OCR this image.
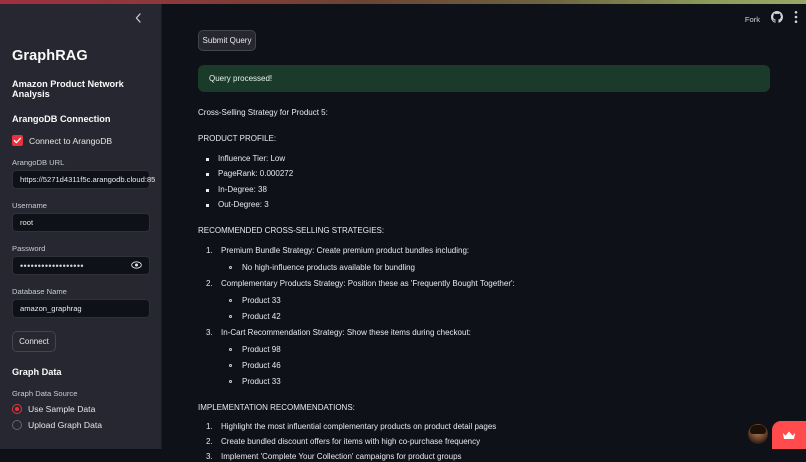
GraphRAG
Amazon Product Network Analysis
ArangoDB Connection
Connect to ArangoDB
ArangoDB URL
https://5271d4311f5c.arangodb.cloud:85
Username
root
Password
••••••••••••••••••
Database Name
amazon_graphrag
Connect
Graph Data
Graph Data Source
Use Sample Data
Upload Graph Data
Fork
Submit Query
Query processed!
Cross-Selling Strategy for Product 5:
PRODUCT PROFILE:
Influence Tier: Low
PageRank: 0.000272
In-Degree: 38
Out-Degree: 3
RECOMMENDED CROSS-SELLING STRATEGIES:
Premium Bundle Strategy: Create premium product bundles including:
No high-influence products available for bundling
Complementary Products Strategy: Position these as 'Frequently Bought Together':
Product 33
Product 42
In-Cart Recommendation Strategy: Show these items during checkout:
Product 98
Product 46
Product 33
IMPLEMENTATION RECOMMENDATIONS:
Highlight the most influential complementary products on product detail pages
Create bundled discount offers for items with high co-purchase frequency
Implement 'Complete Your Collection' campaigns for product groups
